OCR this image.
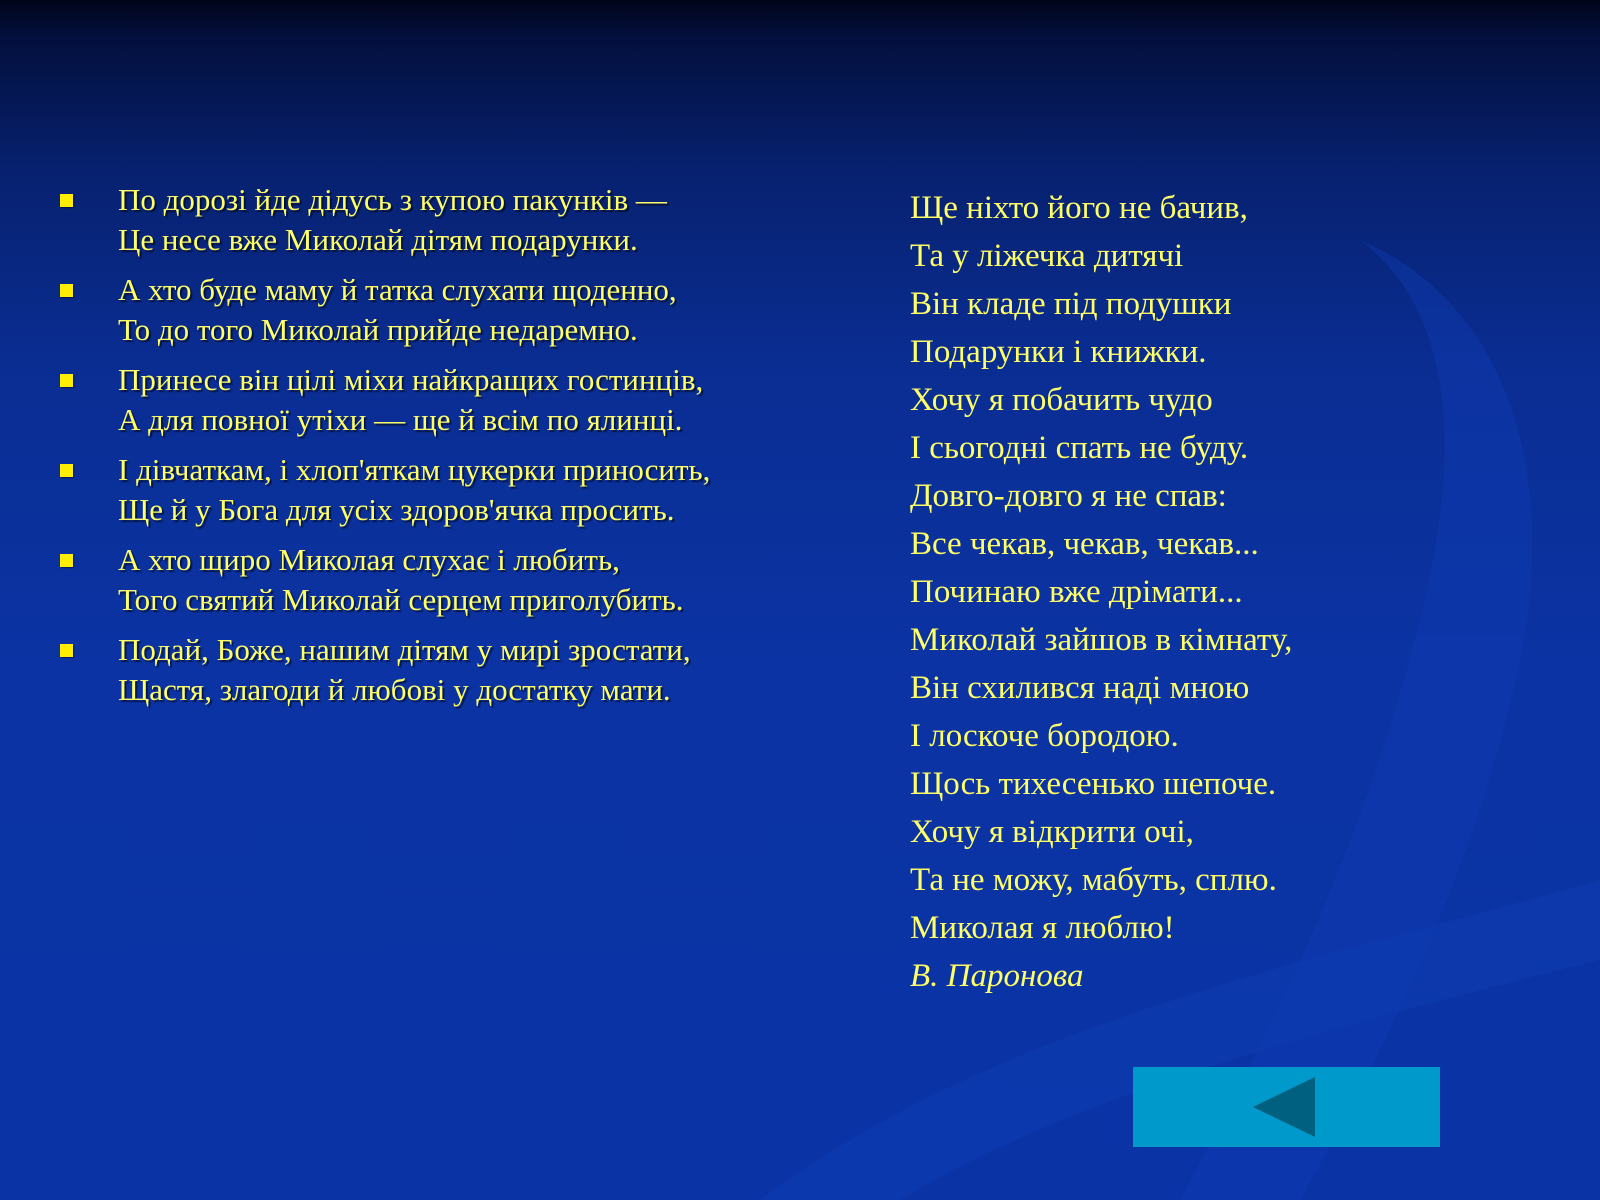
По дорозі йде дідусь з купою пакунків —
Це несе вже Миколай дітям подарунки.
А хто буде маму й татка слухати щоденно,
То до того Миколай прийде недаремно.
Принесе він цілі міхи найкращих гостинців,
А для повної утіхи — ще й всім по ялинці.
І дівчаткам, і хлоп'яткам цукерки приносить,
Ще й у Бога для усіх здоров'ячка просить.
А хто щиро Миколая слухає і любить,
Того святий Миколай серцем приголубить.
Подай, Боже, нашим дітям у мирі зростати,
Щастя, злагоди й любові у достатку мати.
Ще ніхто його не бачив,
Та у ліжечка дитячі
Він кладе під подушки
Подарунки і книжки.
Хочу я побачить чудо
І сьогодні спать не буду.
Довго-довго я не спав:
Все чекав, чекав, чекав...
Починаю вже дрімати...
Миколай зайшов в кімнату,
Він схилився наді мною
І лоскоче бородою.
Щось тихесенько шепоче.
Хочу я відкрити очі,
Та не можу, мабуть, сплю.
Миколая я люблю!
В. Паронова
